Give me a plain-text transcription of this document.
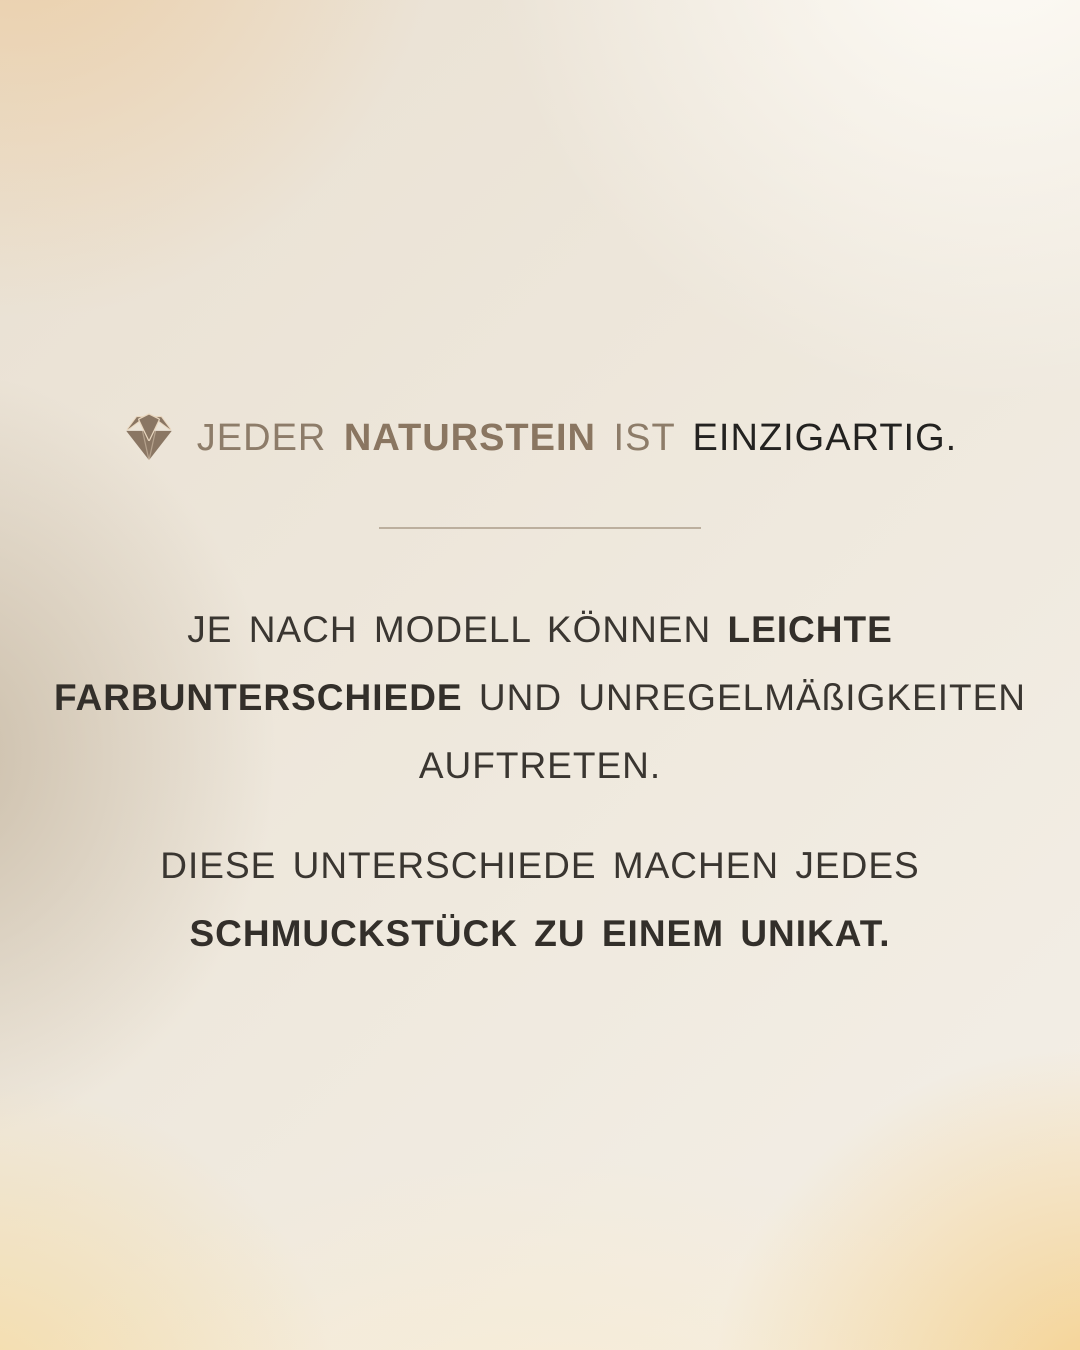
JEDER NATURSTEIN IST EINZIGARTIG.
JE NACH MODELL KÖNNEN LEICHTE
FARBUNTERSCHIEDE UND UNREGELMÄßIGKEITEN
AUFTRETEN.
DIESE UNTERSCHIEDE MACHEN JEDES
SCHMUCKSTÜCK ZU EINEM UNIKAT.
